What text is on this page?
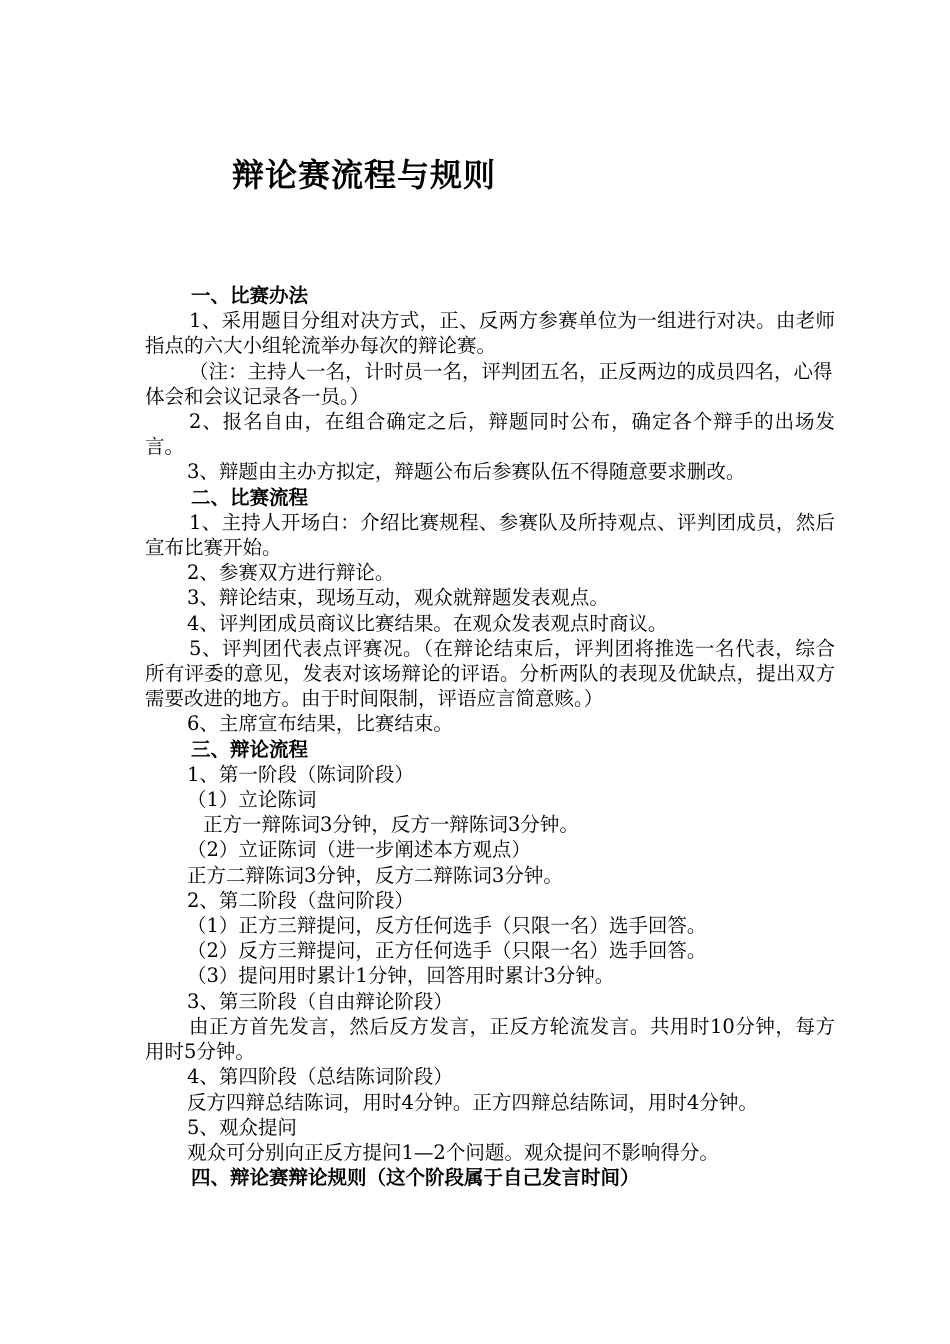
辩论赛流程与规则

一、比赛办法

1、采用题目分组对决方式，正、反两方参赛单位为一组进行对决。由老师指点的六大小组轮流举办每次的辩论赛。

（注：主持人一名，计时员一名，评判团五名，正反两边的成员四名，心得体会和会议记录各一员。）

2、报名自由，在组合确定之后，辩题同时公布，确定各个辩手的出场发言。

3、辩题由主办方拟定，辩题公布后参赛队伍不得随意要求删改。

二、比赛流程

1、主持人开场白：介绍比赛规程、参赛队及所持观点、评判团成员，然后宣布比赛开始。

2、参赛双方进行辩论。

3、辩论结束，现场互动，观众就辩题发表观点。

4、评判团成员商议比赛结果。在观众发表观点时商议。

5、评判团代表点评赛况。（在辩论结束后，评判团将推选一名代表，综合所有评委的意见，发表对该场辩论的评语。分析两队的表现及优缺点，提出双方需要改进的地方。由于时间限制，评语应言简意赅。）

6、主席宣布结果，比赛结束。

三、辩论流程

1、第一阶段（陈词阶段）

（1）立论陈词

正方一辩陈词3分钟，反方一辩陈词3分钟。

（2）立证陈词（进一步阐述本方观点）

正方二辩陈词3分钟，反方二辩陈词3分钟。

2、第二阶段（盘问阶段）

（1）正方三辩提问，反方任何选手（只限一名）选手回答。

（2）反方三辩提问，正方任何选手（只限一名）选手回答。

（3）提问用时累计1分钟，回答用时累计3分钟。

3、第三阶段（自由辩论阶段）

由正方首先发言，然后反方发言，正反方轮流发言。共用时10分钟，每方用时5分钟。

4、第四阶段（总结陈词阶段）

反方四辩总结陈词，用时4分钟。正方四辩总结陈词，用时4分钟。

5、观众提问

观众可分别向正反方提问1—2个问题。观众提问不影响得分。

四、辩论赛辩论规则（这个阶段属于自己发言时间）
